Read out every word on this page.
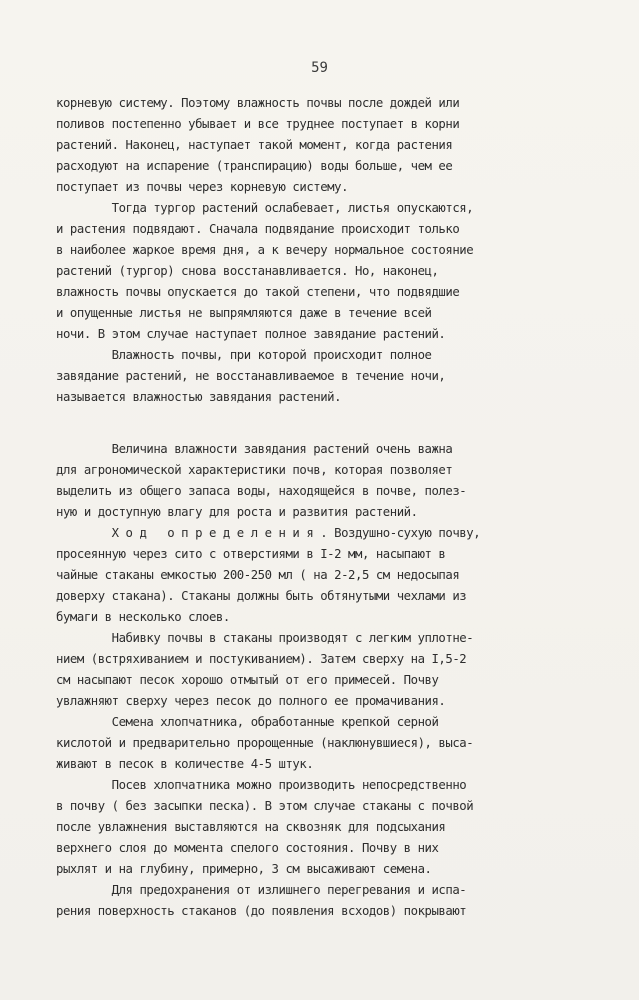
59
корневую систему. Поэтому влажность почвы после дождей или
поливов постепенно убывает и все труднее поступает в корни
растений. Наконец, наступает такой момент, когда растения
расходуют на испарение (транспирацию) воды больше, чем ее
поступает из почвы через корневую систему.
Тогда тургор растений ослабевает, листья опускаются,
и растения подвядают. Сначала подвядание происходит только
в наиболее жаркое время дня, а к вечеру нормальное состояние
растений (тургор) снова восстанавливается. Но, наконец,
влажность почвы опускается до такой степени, что подвядшие
и опущенные листья не выпрямляются даже в течение всей
ночи. В этом случае наступает полное завядание растений.
Влажность почвы, при которой происходит полное
завядание растений, не восстанавливаемое в течение ночи,
называется влажностью завядания растений.
Величина влажности завядания растений очень важна
для агрономической характеристики почв, которая позволяет
выделить из общего запаса воды, находящейся в почве, полез-
ную и доступную влагу для роста и развития растений.
Х о д   о п р е д е л е н и я . Воздушно-сухую почву,
просеянную через сито с отверстиями в I-2 мм, насыпают в
чайные стаканы емкостью 200-250 мл ( на 2-2,5 см недосыпая
доверху стакана). Стаканы должны быть обтянутыми чехлами из
бумаги в несколько слоев.
Набивку почвы в стаканы производят с легким уплотне-
нием (встряхиванием и постукиванием). Затем сверху на I,5-2
см насыпают песок хорошо отмытый от его примесей. Почву
увлажняют сверху через песок до полного ее промачивания.
Семена хлопчатника, обработанные крепкой серной
кислотой и предварительно пророщенные (наклюнувшиеся), выса-
живают в песок в количестве 4-5 штук.
Посев хлопчатника можно производить непосредственно
в почву ( без засыпки песка). В этом случае стаканы с почвой
после увлажнения выставляются на сквозняк для подсыхания
верхнего слоя до момента спелого состояния. Почву в них
рыхлят и на глубину, примерно, 3 см высаживают семена.
Для предохранения от излишнего перегревания и испа-
рения поверхность стаканов (до появления всходов) покрывают
